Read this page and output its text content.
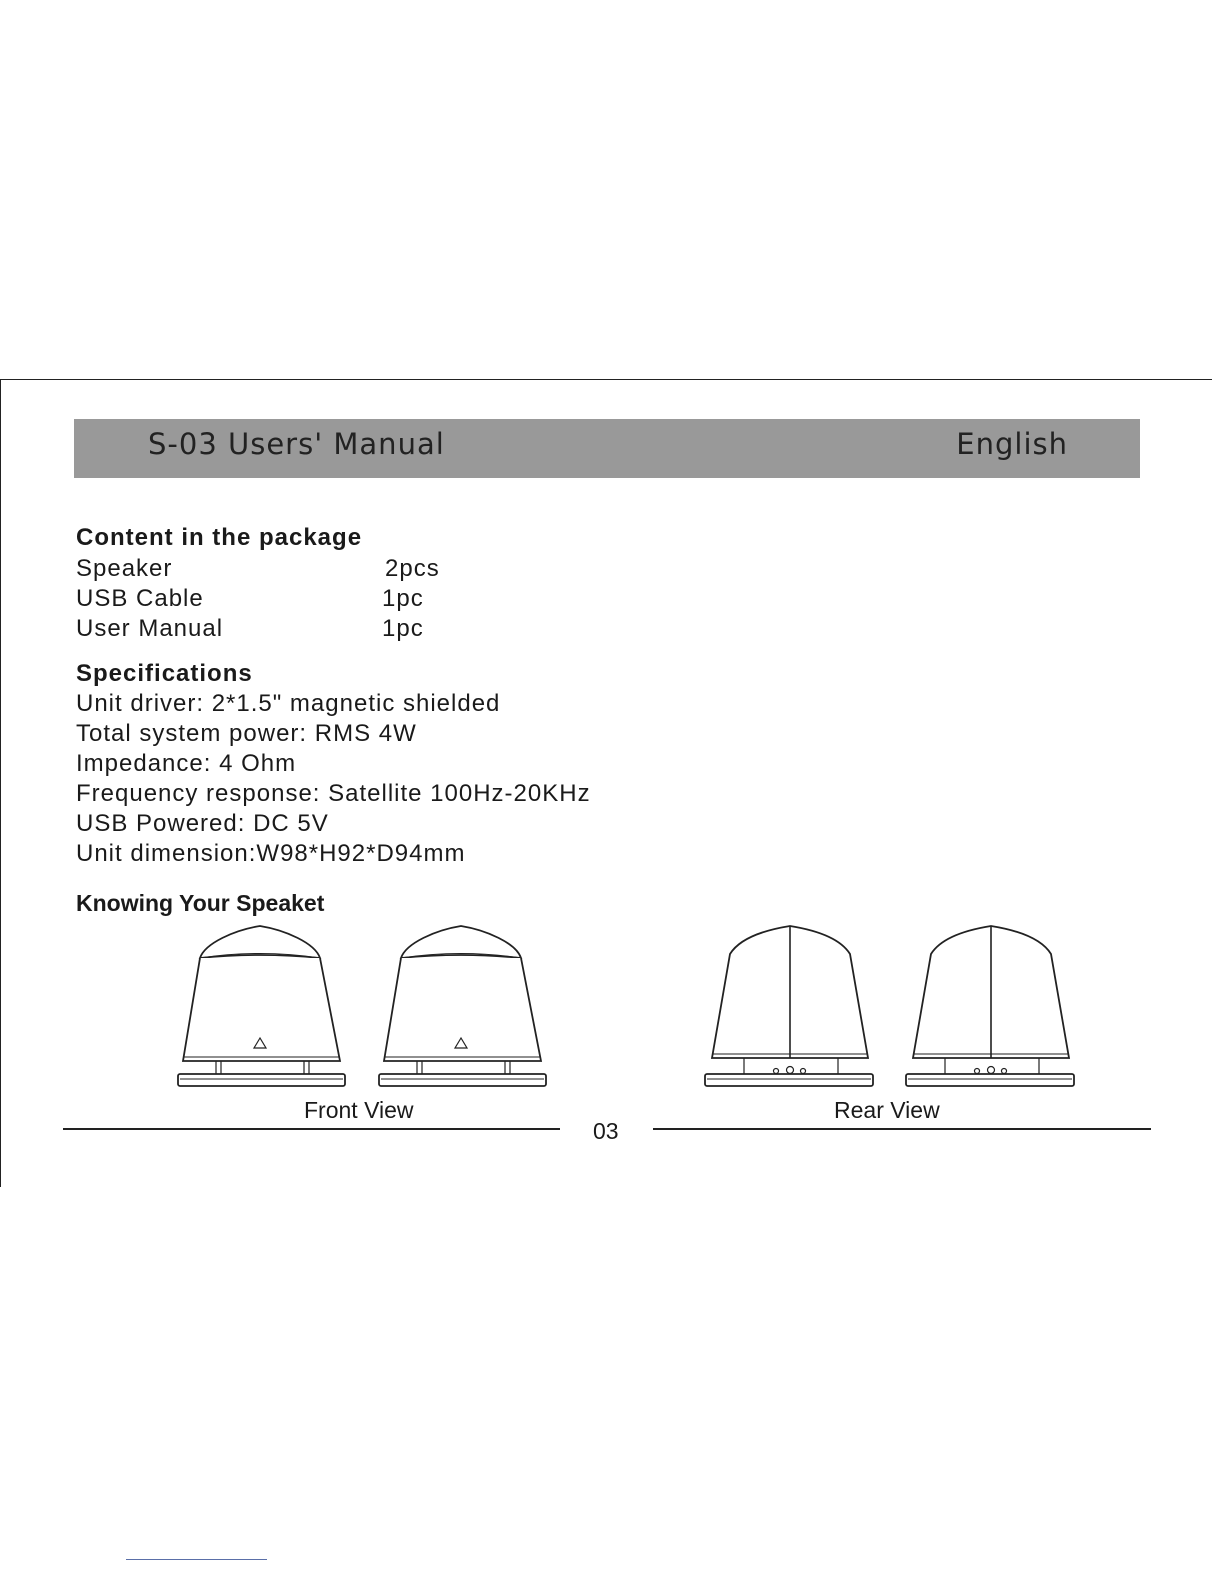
S-03 Users' Manual	English
Content in the package
Speaker	2pcs
USB Cable	1pc
User Manual	1pc
Specifications
Unit driver: 2*1.5" magnetic shielded
Total system power: RMS 4W
Impedance: 4 Ohm
Frequency response: Satellite 100Hz-20KHz
USB Powered: DC 5V
Unit dimension:W98*H92*D94mm
Knowing Your Speaket
Front View	Rear View
03
